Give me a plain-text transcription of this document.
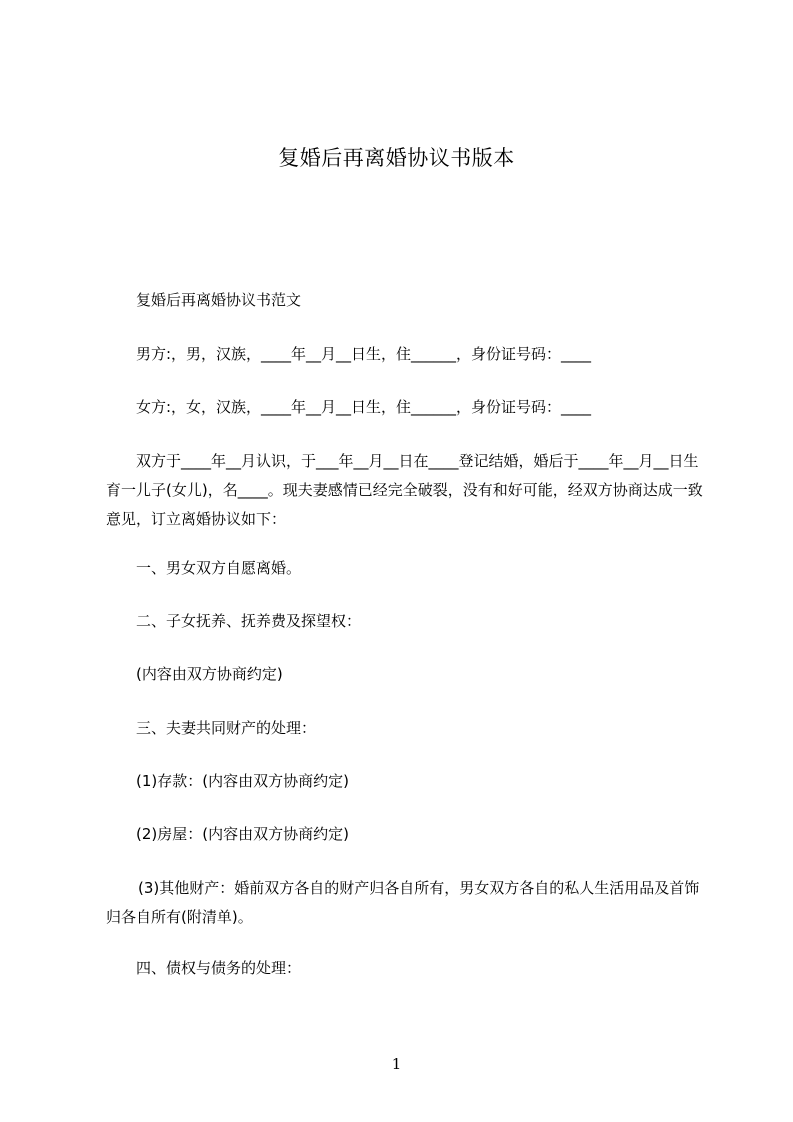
复婚后再离婚协议书版本

复婚后再离婚协议书范文

男方:，男，汉族，____年__月__日生，住______，身份证号码：____

女方:，女，汉族，____年__月__日生，住______，身份证号码：____

双方于____年__月认识，于___年__月__日在____登记结婚，婚后于____年__月__日生育一儿子(女儿)，名____。现夫妻感情已经完全破裂，没有和好可能，经双方协商达成一致意见，订立离婚协议如下：

一、男女双方自愿离婚。

二、子女抚养、抚养费及探望权：

(内容由双方协商约定)

三、夫妻共同财产的处理：

(1)存款：(内容由双方协商约定)

(2)房屋：(内容由双方协商约定)

(3)其他财产：婚前双方各自的财产归各自所有，男女双方各自的私人生活用品及首饰归各自所有(附清单)。

四、债权与债务的处理：

1
